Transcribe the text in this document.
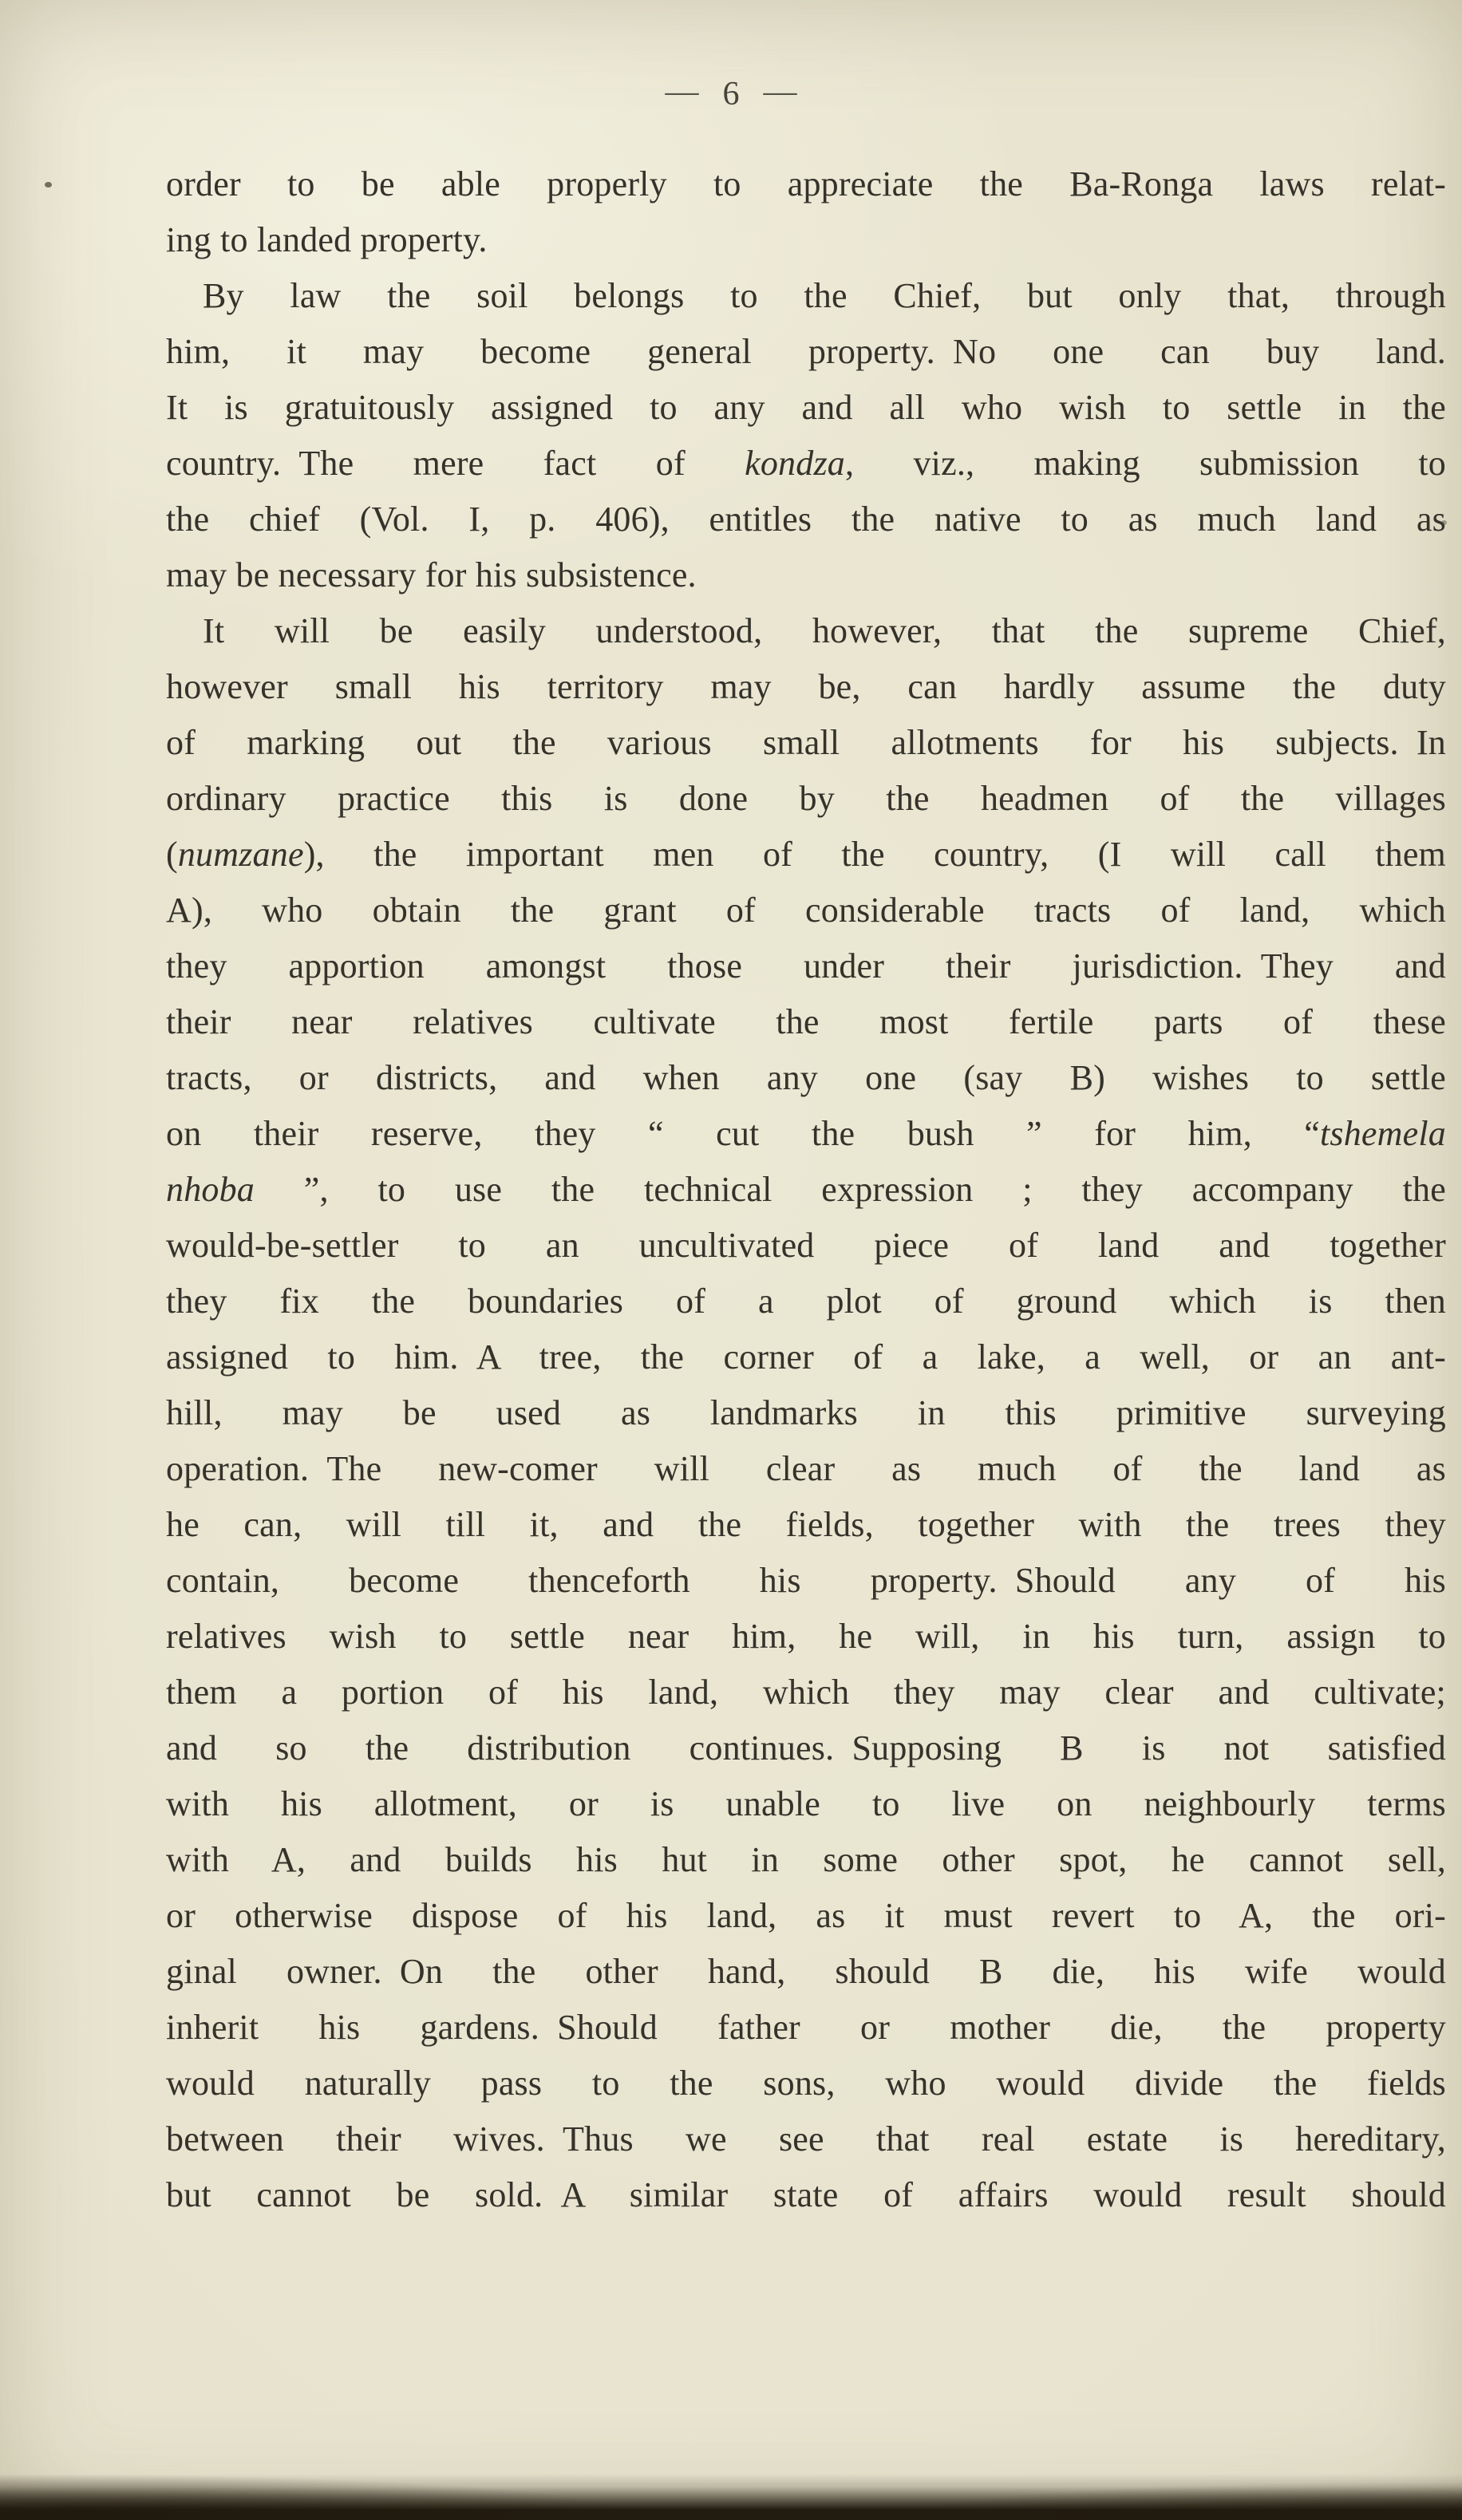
— 6 —
order to be able properly to appreciate the Ba-Ronga laws relat-
ing to landed property.
By law the soil belongs to the Chief, but only that, through
him, it may become general property. No one can buy land.
It is gratuitously assigned to any and all who wish to settle in the
country. The mere fact of kondza, viz., making submission to
the chief (Vol. I, p. 406), entitles the native to as much land as
may be necessary for his subsistence.
It will be easily understood, however, that the supreme Chief,
however small his territory may be, can hardly assume the duty
of marking out the various small allotments for his subjects. In
ordinary practice this is done by the headmen of the villages
(numzane), the important men of the country, (I will call them
A), who obtain the grant of considerable tracts of land, which
they apportion amongst those under their jurisdiction. They and
their near relatives cultivate the most fertile parts of these
tracts, or districts, and when any one (say B) wishes to settle
on their reserve, they “ cut the bush ” for him, “tshemela
nhoba ”, to use the technical expression ; they accompany the
would-be-settler to an uncultivated piece of land and together
they fix the boundaries of a plot of ground which is then
assigned to him. A tree, the corner of a lake, a well, or an ant-
hill, may be used as landmarks in this primitive surveying
operation. The new-comer will clear as much of the land as
he can, will till it, and the fields, together with the trees they
contain, become thenceforth his property. Should any of his
relatives wish to settle near him, he will, in his turn, assign to
them a portion of his land, which they may clear and cultivate;
and so the distribution continues. Supposing B is not satisfied
with his allotment, or is unable to live on neighbourly terms
with A, and builds his hut in some other spot, he cannot sell,
or otherwise dispose of his land, as it must revert to A, the ori-
ginal owner. On the other hand, should B die, his wife would
inherit his gardens. Should father or mother die, the property
would naturally pass to the sons, who would divide the fields
between their wives. Thus we see that real estate is hereditary,
but cannot be sold. A similar state of affairs would result should
